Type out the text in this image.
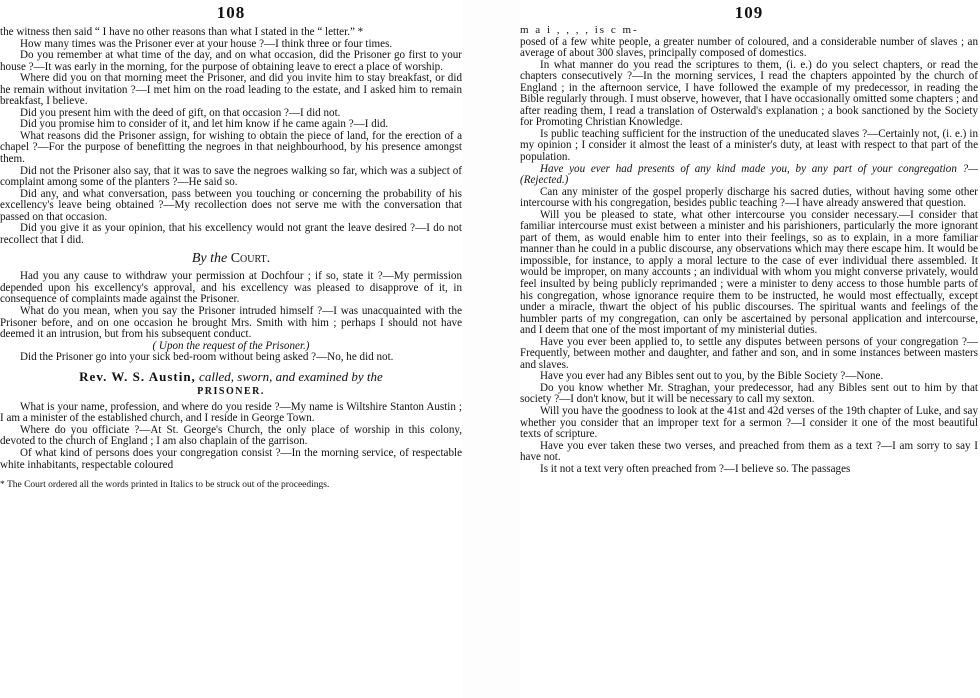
108

the witness then said “ I have no other reasons than what I stated in the “ letter.” *

How many times was the Prisoner ever at your house ?—I think three or four times.

Do you remember at what time of the day, and on what occasion, did the Prisoner go first to your house ?—It was early in the morning, for the purpose of obtaining leave to erect a place of worship.

Where did you on that morning meet the Prisoner, and did you invite him to stay breakfast, or did he remain without invitation ?—I met him on the road leading to the estate, and I asked him to remain breakfast, I believe.

Did you present him with the deed of gift, on that occasion ?—I did not.

Did you promise him to consider of it, and let him know if he came again ?—I did.

What reasons did the Prisoner assign, for wishing to obtain the piece of land, for the erection of a chapel ?—For the purpose of benefitting the negroes in that neighbourhood, by his presence amongst them.

Did not the Prisoner also say, that it was to save the negroes walking so far, which was a subject of complaint among some of the planters ?—He said so.

Did any, and what conversation, pass between you touching or concerning the probability of his excellency's leave being obtained ?—My recollection does not serve me with the conversation that passed on that occasion.

Did you give it as your opinion, that his excellency would not grant the leave desired ?—I do not recollect that I did.

By the Court.

Had you any cause to withdraw your permission at Dochfour ; if so, state it ?—My permission depended upon his excellency's approval, and his excellency was pleased to disapprove of it, in consequence of complaints made against the Prisoner.

What do you mean, when you say the Prisoner intruded himself ?—I was unacquainted with the Prisoner before, and on one occasion he brought Mrs. Smith with him ; perhaps I should not have deemed it an intrusion, but from his subsequent conduct.

( Upon the request of the Prisoner.)

Did the Prisoner go into your sick bed-room without being asked ?—No, he did not.

Rev. W. S. Austin, called, sworn, and examined by the
PRISONER.

What is your name, profession, and where do you reside ?—My name is Wiltshire Stanton Austin ; I am a minister of the established church, and I reside in George Town.

Where do you officiate ?—At St. George's Church, the only place of worship in this colony, devoted to the church of England ; I am also chaplain of the garrison.

Of what kind of persons does your congregation consist ?—In the morning service, of respectable white inhabitants, respectable coloured

* The Court ordered all the words printed in Italics to be struck out of the proceedings.
109
m a i , , , , is c m-

posed of a few white people, a greater number of coloured, and a considerable number of slaves ; an average of about 300 slaves, principally composed of domestics.

In what manner do you read the scriptures to them, (i. e.) do you select chapters, or read the chapters consecutively ?—In the morning services, I read the chapters appointed by the church of England ; in the afternoon service, I have followed the example of my predecessor, in reading the Bible regularly through. I must observe, however, that I have occasionally omitted some chapters ; and after reading them, I read a translation of Osterwald's explanation ; a book sanctioned by the Society for Promoting Christian Knowledge.

Is public teaching sufficient for the instruction of the uneducated slaves ?—Certainly not, (i. e.) in my opinion ; I consider it almost the least of a minister's duty, at least with respect to that part of the population.

Have you ever had presents of any kind made you, by any part of your congregation ?—(Rejected.)

Can any minister of the gospel properly discharge his sacred duties, without having some other intercourse with his congregation, besides public teaching ?—I have already answered that question.

Will you be pleased to state, what other intercourse you consider necessary.—I consider that familiar intercourse must exist between a minister and his parishioners, particularly the more ignorant part of them, as would enable him to enter into their feelings, so as to explain, in a more familiar manner than he could in a public discourse, any observations which may there escape him. It would be impossible, for instance, to apply a moral lecture to the case of ever individual there assembled. It would be improper, on many accounts ; an individual with whom you might converse privately, would feel insulted by being publicly reprimanded ; were a minister to deny access to those humble parts of his congregation, whose ignorance require them to be instructed, he would most effectually, except under a miracle, thwart the object of his public discourses. The spiritual wants and feelings of the humbler parts of my congregation, can only be ascertained by personal application and intercourse, and I deem that one of the most important of my ministerial duties.

Have you ever been applied to, to settle any disputes between persons of your congregation ?—Frequently, between mother and daughter, and father and son, and in some instances between masters and slaves.

Have you ever had any Bibles sent out to you, by the Bible Society ?—None.

Do you know whether Mr. Straghan, your predecessor, had any Bibles sent out to him by that society ?—I don't know, but it will be necessary to call my sexton.

Will you have the goodness to look at the 41st and 42d verses of the 19th chapter of Luke, and say whether you consider that an improper text for a sermon ?—I consider it one of the most beautiful texts of scripture.

Have you ever taken these two verses, and preached from them as a text ?—I am sorry to say I have not.

Is it not a text very often preached from ?—I believe so. The passages
